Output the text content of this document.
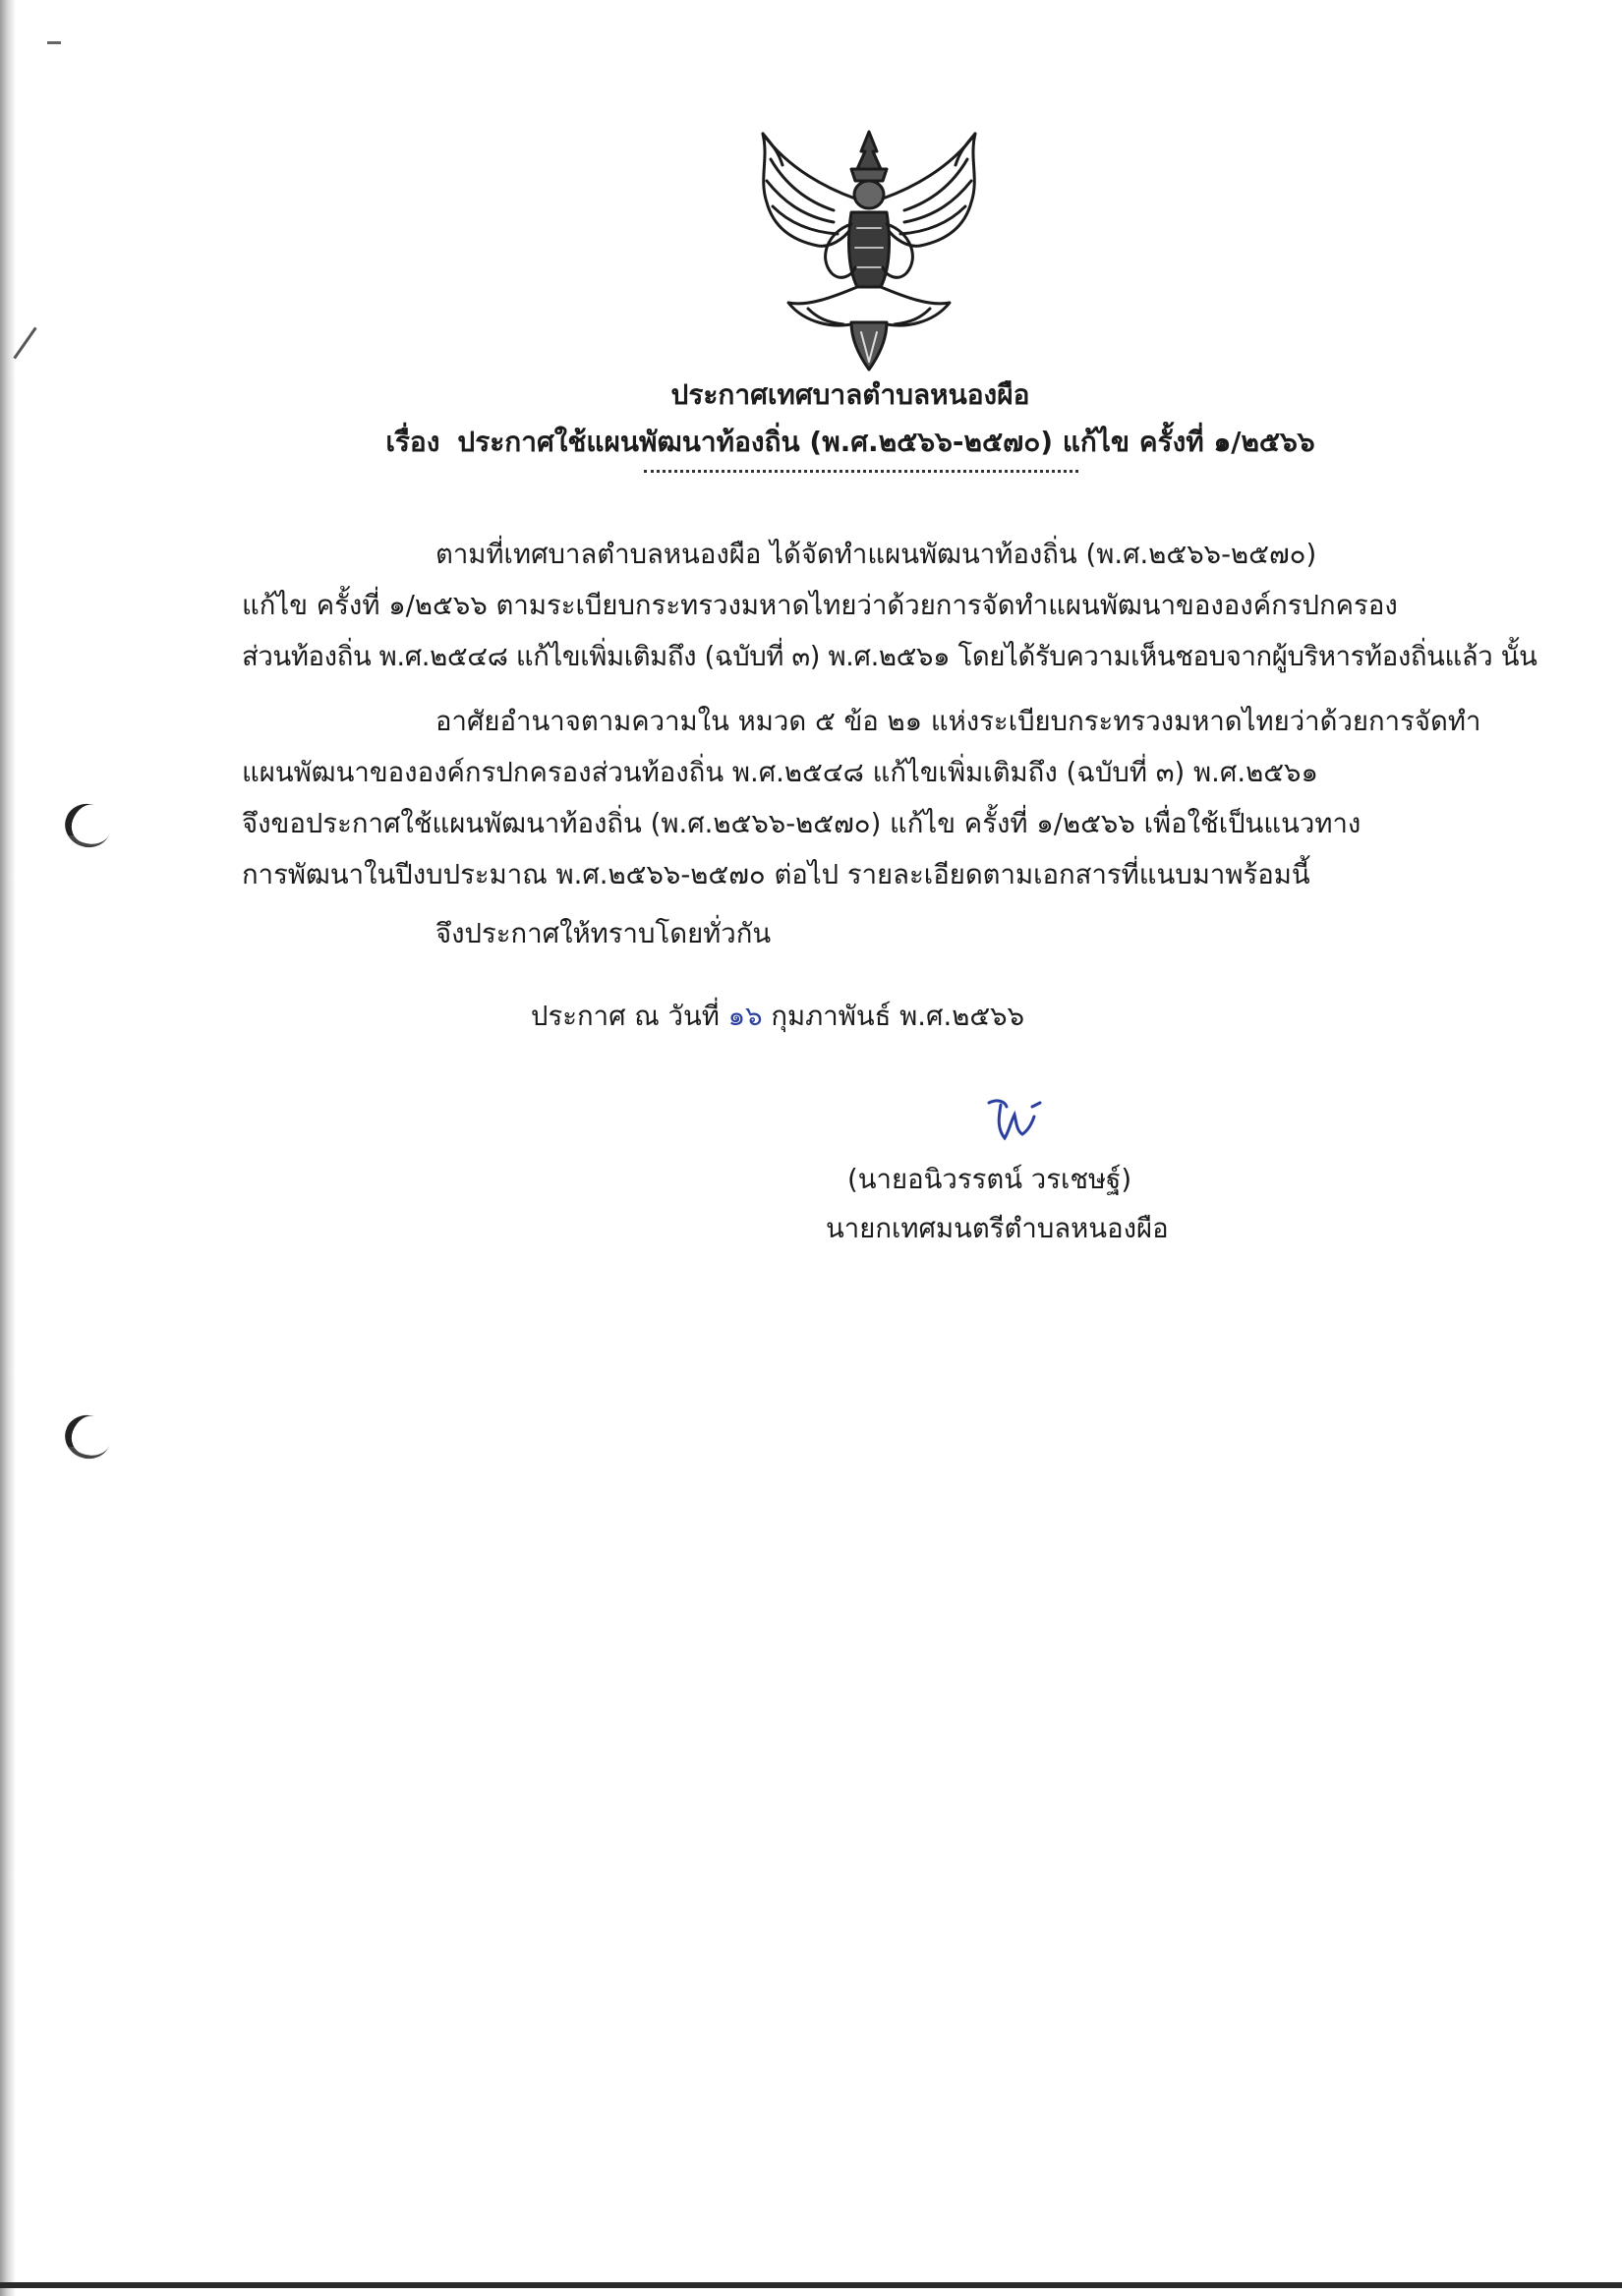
ประกาศเทศบาลตำบลหนองผือ
เรื่อง ประกาศใช้แผนพัฒนาท้องถิ่น (พ.ศ.๒๕๖๖-๒๕๗๐) แก้ไข ครั้งที่ ๑/๒๕๖๖
ตามที่เทศบาลตำบลหนองผือ ได้จัดทำแผนพัฒนาท้องถิ่น (พ.ศ.๒๕๖๖-๒๕๗๐)
แก้ไข ครั้งที่ ๑/๒๕๖๖ ตามระเบียบกระทรวงมหาดไทยว่าด้วยการจัดทำแผนพัฒนาขององค์กรปกครอง
ส่วนท้องถิ่น พ.ศ.๒๕๔๘ แก้ไขเพิ่มเติมถึง (ฉบับที่ ๓) พ.ศ.๒๕๖๑ โดยได้รับความเห็นชอบจากผู้บริหารท้องถิ่นแล้ว นั้น
อาศัยอำนาจตามความใน หมวด ๕ ข้อ ๒๑ แห่งระเบียบกระทรวงมหาดไทยว่าด้วยการจัดทำ
แผนพัฒนาขององค์กรปกครองส่วนท้องถิ่น พ.ศ.๒๕๔๘ แก้ไขเพิ่มเติมถึง (ฉบับที่ ๓) พ.ศ.๒๕๖๑
จึงขอประกาศใช้แผนพัฒนาท้องถิ่น (พ.ศ.๒๕๖๖-๒๕๗๐) แก้ไข ครั้งที่ ๑/๒๕๖๖ เพื่อใช้เป็นแนวทาง
การพัฒนาในปีงบประมาณ พ.ศ.๒๕๖๖-๒๕๗๐ ต่อไป รายละเอียดตามเอกสารที่แนบมาพร้อมนี้
จึงประกาศให้ทราบโดยทั่วกัน
ประกาศ ณ วันที่ ๑๖ กุมภาพันธ์ พ.ศ.๒๕๖๖
(นายอนิวรรตน์ วรเชษฐ์)
นายกเทศมนตรีตำบลหนองผือ
